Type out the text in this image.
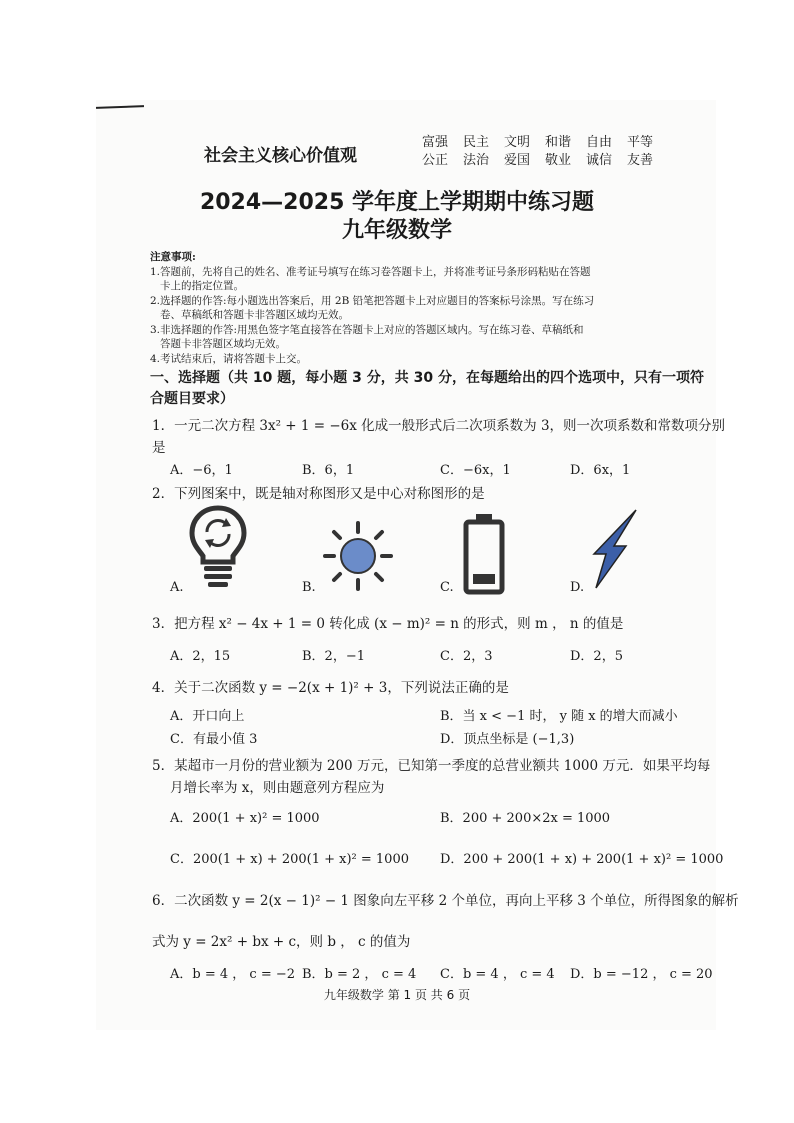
社会主义核心价值观
富强 民主 文明 和谐 自由 平等
公正 法治 爱国 敬业 诚信 友善
2024—2025 学年度上学期期中练习题
九年级数学
注意事项:
1.答题前，先将自己的姓名、准考证号填写在练习卷答题卡上，并将准考证号条形码粘贴在答题
卡上的指定位置。
2.选择题的作答:每小题选出答案后，用 2B 铅笔把答题卡上对应题目的答案标号涂黑。写在练习
卷、草稿纸和答题卡非答题区域均无效。
3.非选择题的作答:用黑色签字笔直接答在答题卡上对应的答题区域内。写在练习卷、草稿纸和
答题卡非答题区域均无效。
4.考试结束后，请将答题卡上交。
一、选择题（共 10 题，每小题 3 分，共 30 分，在每题给出的四个选项中，只有一项符合题目要求）
1．一元二次方程 3x² + 1 = −6x 化成一般形式后二次项系数为 3，则一次项系数和常数项分别
是
A．−6，1	B．6，1	C．−6x，1	D．6x，1
2．下列图案中，既是轴对称图形又是中心对称图形的是
A.	B.	C.	D.
3．把方程 x² − 4x + 1 = 0 转化成 (x − m)² = n 的形式，则 m ， n 的值是
A．2，15	B．2，−1	C．2，3	D．2，5
4．关于二次函数 y = −2(x + 1)² + 3，下列说法正确的是
A．开口向上	B．当 x < −1 时， y 随 x 的增大而减小
C．有最小值 3	D．顶点坐标是 (−1,3)
5．某超市一月份的营业额为 200 万元，已知第一季度的总营业额共 1000 万元．如果平均每
月增长率为 x，则由题意列方程应为
A．200(1 + x)² = 1000	B．200 + 200×2x = 1000
C．200(1 + x) + 200(1 + x)² = 1000 D．200 + 200(1 + x) + 200(1 + x)² = 1000
6．二次函数 y = 2(x − 1)² − 1 图象向左平移 2 个单位，再向上平移 3 个单位，所得图象的解析
式为 y = 2x² + bx + c，则 b ， c 的值为
A．b = 4 ， c = −2 B．b = 2 ， c = 4 C．b = 4 ， c = 4 D．b = −12 ， c = 20
九年级数学 第 1 页 共 6 页
